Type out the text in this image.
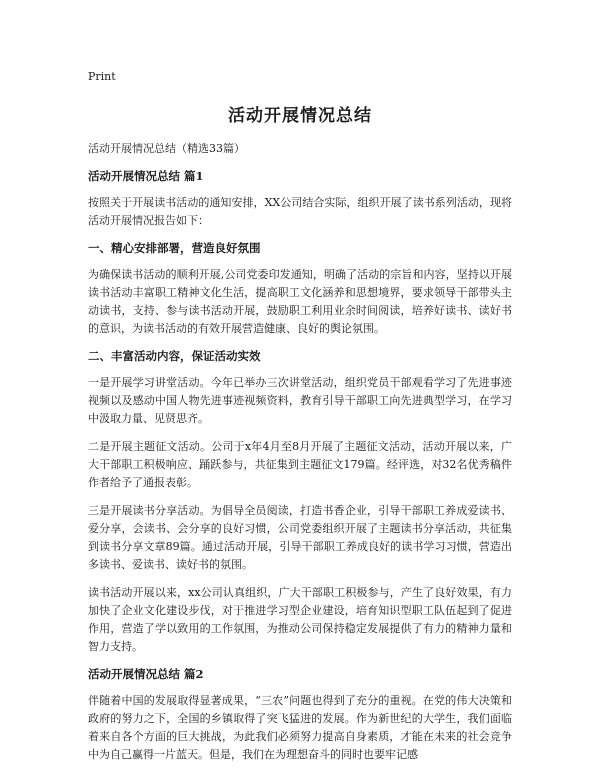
Print
活动开展情况总结

活动开展情况总结（精选33篇）

活动开展情况总结 篇1

按照关于开展读书活动的通知安排，XX公司结合实际，组织开展了读书系列活动，现将活动开展情况报告如下：

一、精心安排部署，营造良好氛围

为确保读书活动的顺利开展,公司党委印发通知，明确了活动的宗旨和内容，坚持以开展读书活动丰富职工精神文化生活，提高职工文化涵养和思想境界，要求领导干部带头主动读书，支持、参与读书活动开展，鼓励职工利用业余时间阅读，培养好读书、读好书的意识，为读书活动的有效开展营造健康、良好的舆论氛围。

二、丰富活动内容，保证活动实效

一是开展学习讲堂活动。今年已举办三次讲堂活动，组织党员干部观看学习了先进事迹视频以及感动中国人物先进事迹视频资料，教育引导干部职工向先进典型学习，在学习中汲取力量、见贤思齐。

二是开展主题征文活动。公司于x年4月至8月开展了主题征文活动，活动开展以来，广大干部职工积极响应、踊跃参与，共征集到主题征文179篇。经评选，对32名优秀稿件作者给予了通报表彰。

三是开展读书分享活动。为倡导全员阅读，打造书香企业，引导干部职工养成爱读书、爱分享，会读书、会分享的良好习惯，公司党委组织开展了主题读书分享活动，共征集到读书分享文章89篇。通过活动开展，引导干部职工养成良好的读书学习习惯，营造出多读书、爱读书、读好书的氛围。

读书活动开展以来，xx公司认真组织，广大干部职工积极参与，产生了良好效果，有力加快了企业文化建设步伐，对于推进学习型企业建设，培育知识型职工队伍起到了促进作用，营造了学以致用的工作氛围，为推动公司保持稳定发展提供了有力的精神力量和智力支持。

活动开展情况总结 篇2

伴随着中国的发展取得显著成果，“三农”问题也得到了充分的重视。在党的伟大决策和政府的努力之下，全国的乡镇取得了突飞猛进的发展。作为新世纪的大学生，我们面临着来自各个方面的巨大挑战，为此我们必须努力提高自身素质，才能在未来的社会竞争中为自己赢得一片蓝天。但是，我们在为理想奋斗的同时也要牢记感
